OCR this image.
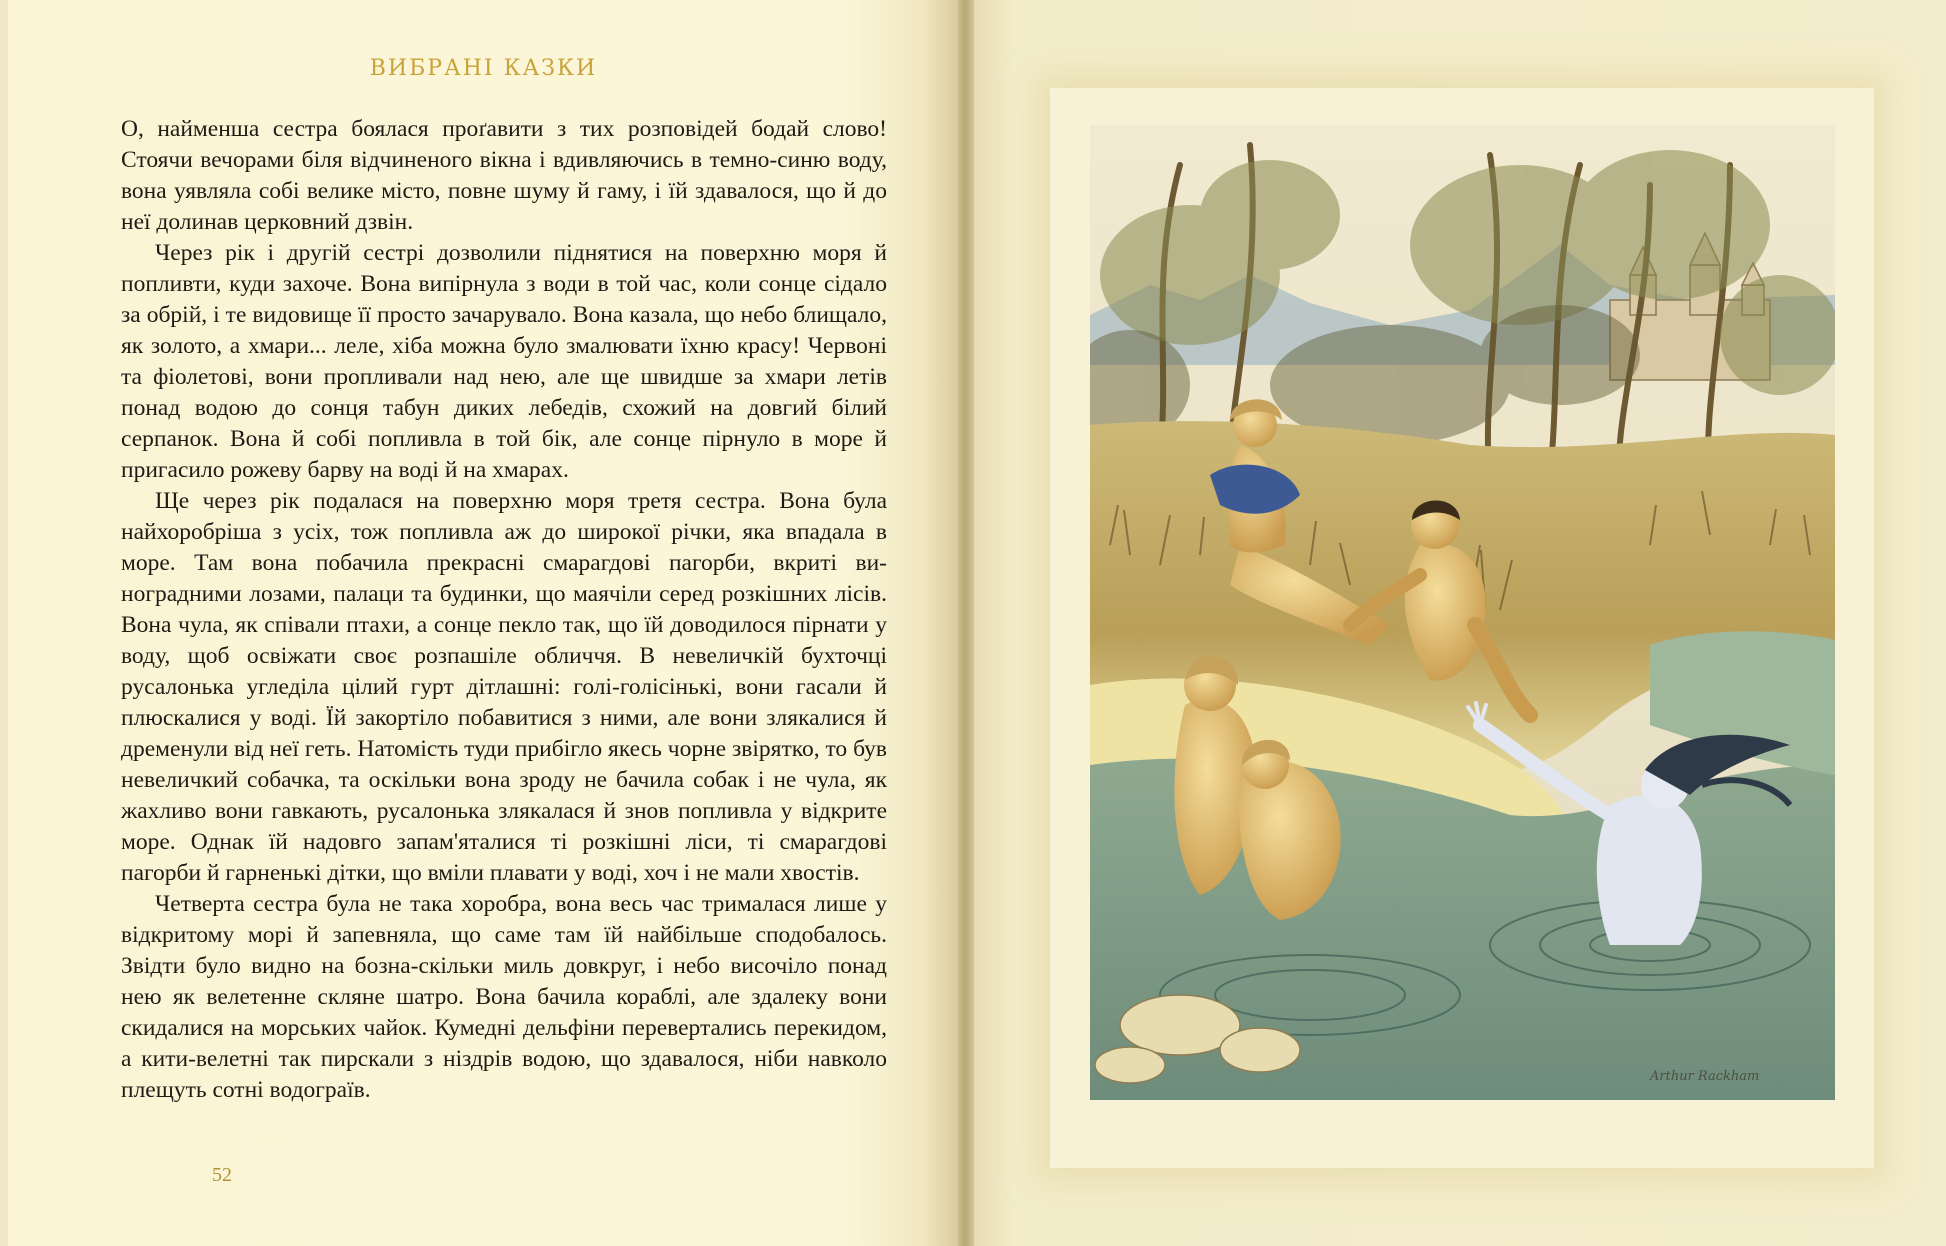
ВИБРАНІ КАЗКИ

О, найменша сестра боялася проґавити з тих розповідей бодай слово! Стоячи вечорами біля відчиненого вікна і вдивляючись в темно-синю воду, вона уявляла собі велике місто, повне шуму й гаму, і їй здавалося, що й до неї долинав церковний дзвін.

Через рік і другій сестрі дозволили піднятися на поверхню моря й попливти, куди захоче. Вона випірнула з води в той час, коли сонце сідало за обрій, і те видовище її просто зачарувало. Вона казала, що небо блищало, як золото, а хмари... леле, хіба можна було змалювати їхню красу! Червоні та фіолетові, вони пропливали над нею, але ще швидше за хмари летів понад водою до сонця табун диких лебедів, схожий на довгий білий серпанок. Вона й собі попливла в той бік, але сонце пірнуло в море й пригасило рожеву барву на воді й на хмарах.

Ще через рік подалася на поверхню моря третя сестра. Вона була найхоробріша з усіх, тож попливла аж до широкої річки, яка впадала в море. Там вона побачила прекрасні смарагдові пагорби, вкриті виноградними лозами, палаци та будинки, що маячіли серед розкішних лісів. Вона чула, як співали птахи, а сонце пекло так, що їй доводилося пірнати у воду, щоб освіжати своє розпашіле обличчя. В невеличкій бухточці русалонька угледіла цілий гурт дітлашні: голі-голісінькі, вони гасали й плюскалися у воді. Їй закортіло побавитися з ними, але вони злякалися й дременули від неї геть. Натомість туди прибігло якесь чорне звірятко, то був невеличкий собачка, та оскільки вона зроду не бачила собак і не чула, як жахливо вони гавкають, русалонька злякалася й знов попливла у відкрите море. Однак їй надовго запам'яталися ті розкішні ліси, ті смарагдові пагорби й гарненькі дітки, що вміли плавати у воді, хоч і не мали хвостів.

Четверта сестра була не така хоробра, вона весь час трималася лише у відкритому морі й запевняла, що саме там їй найбільше сподобалось. Звідти було видно на бозна-скільки миль довкруг, і небо височіло понад нею як велетенне скляне шатро. Вона бачила кораблі, але здалеку вони скидалися на морських чайок. Кумедні дельфіни перевертались перекидом, а кити-велетні так пирскали з ніздрів водою, що здавалося, ніби навколо плещуть сотні водограїв.

52
Arthur Rackham
